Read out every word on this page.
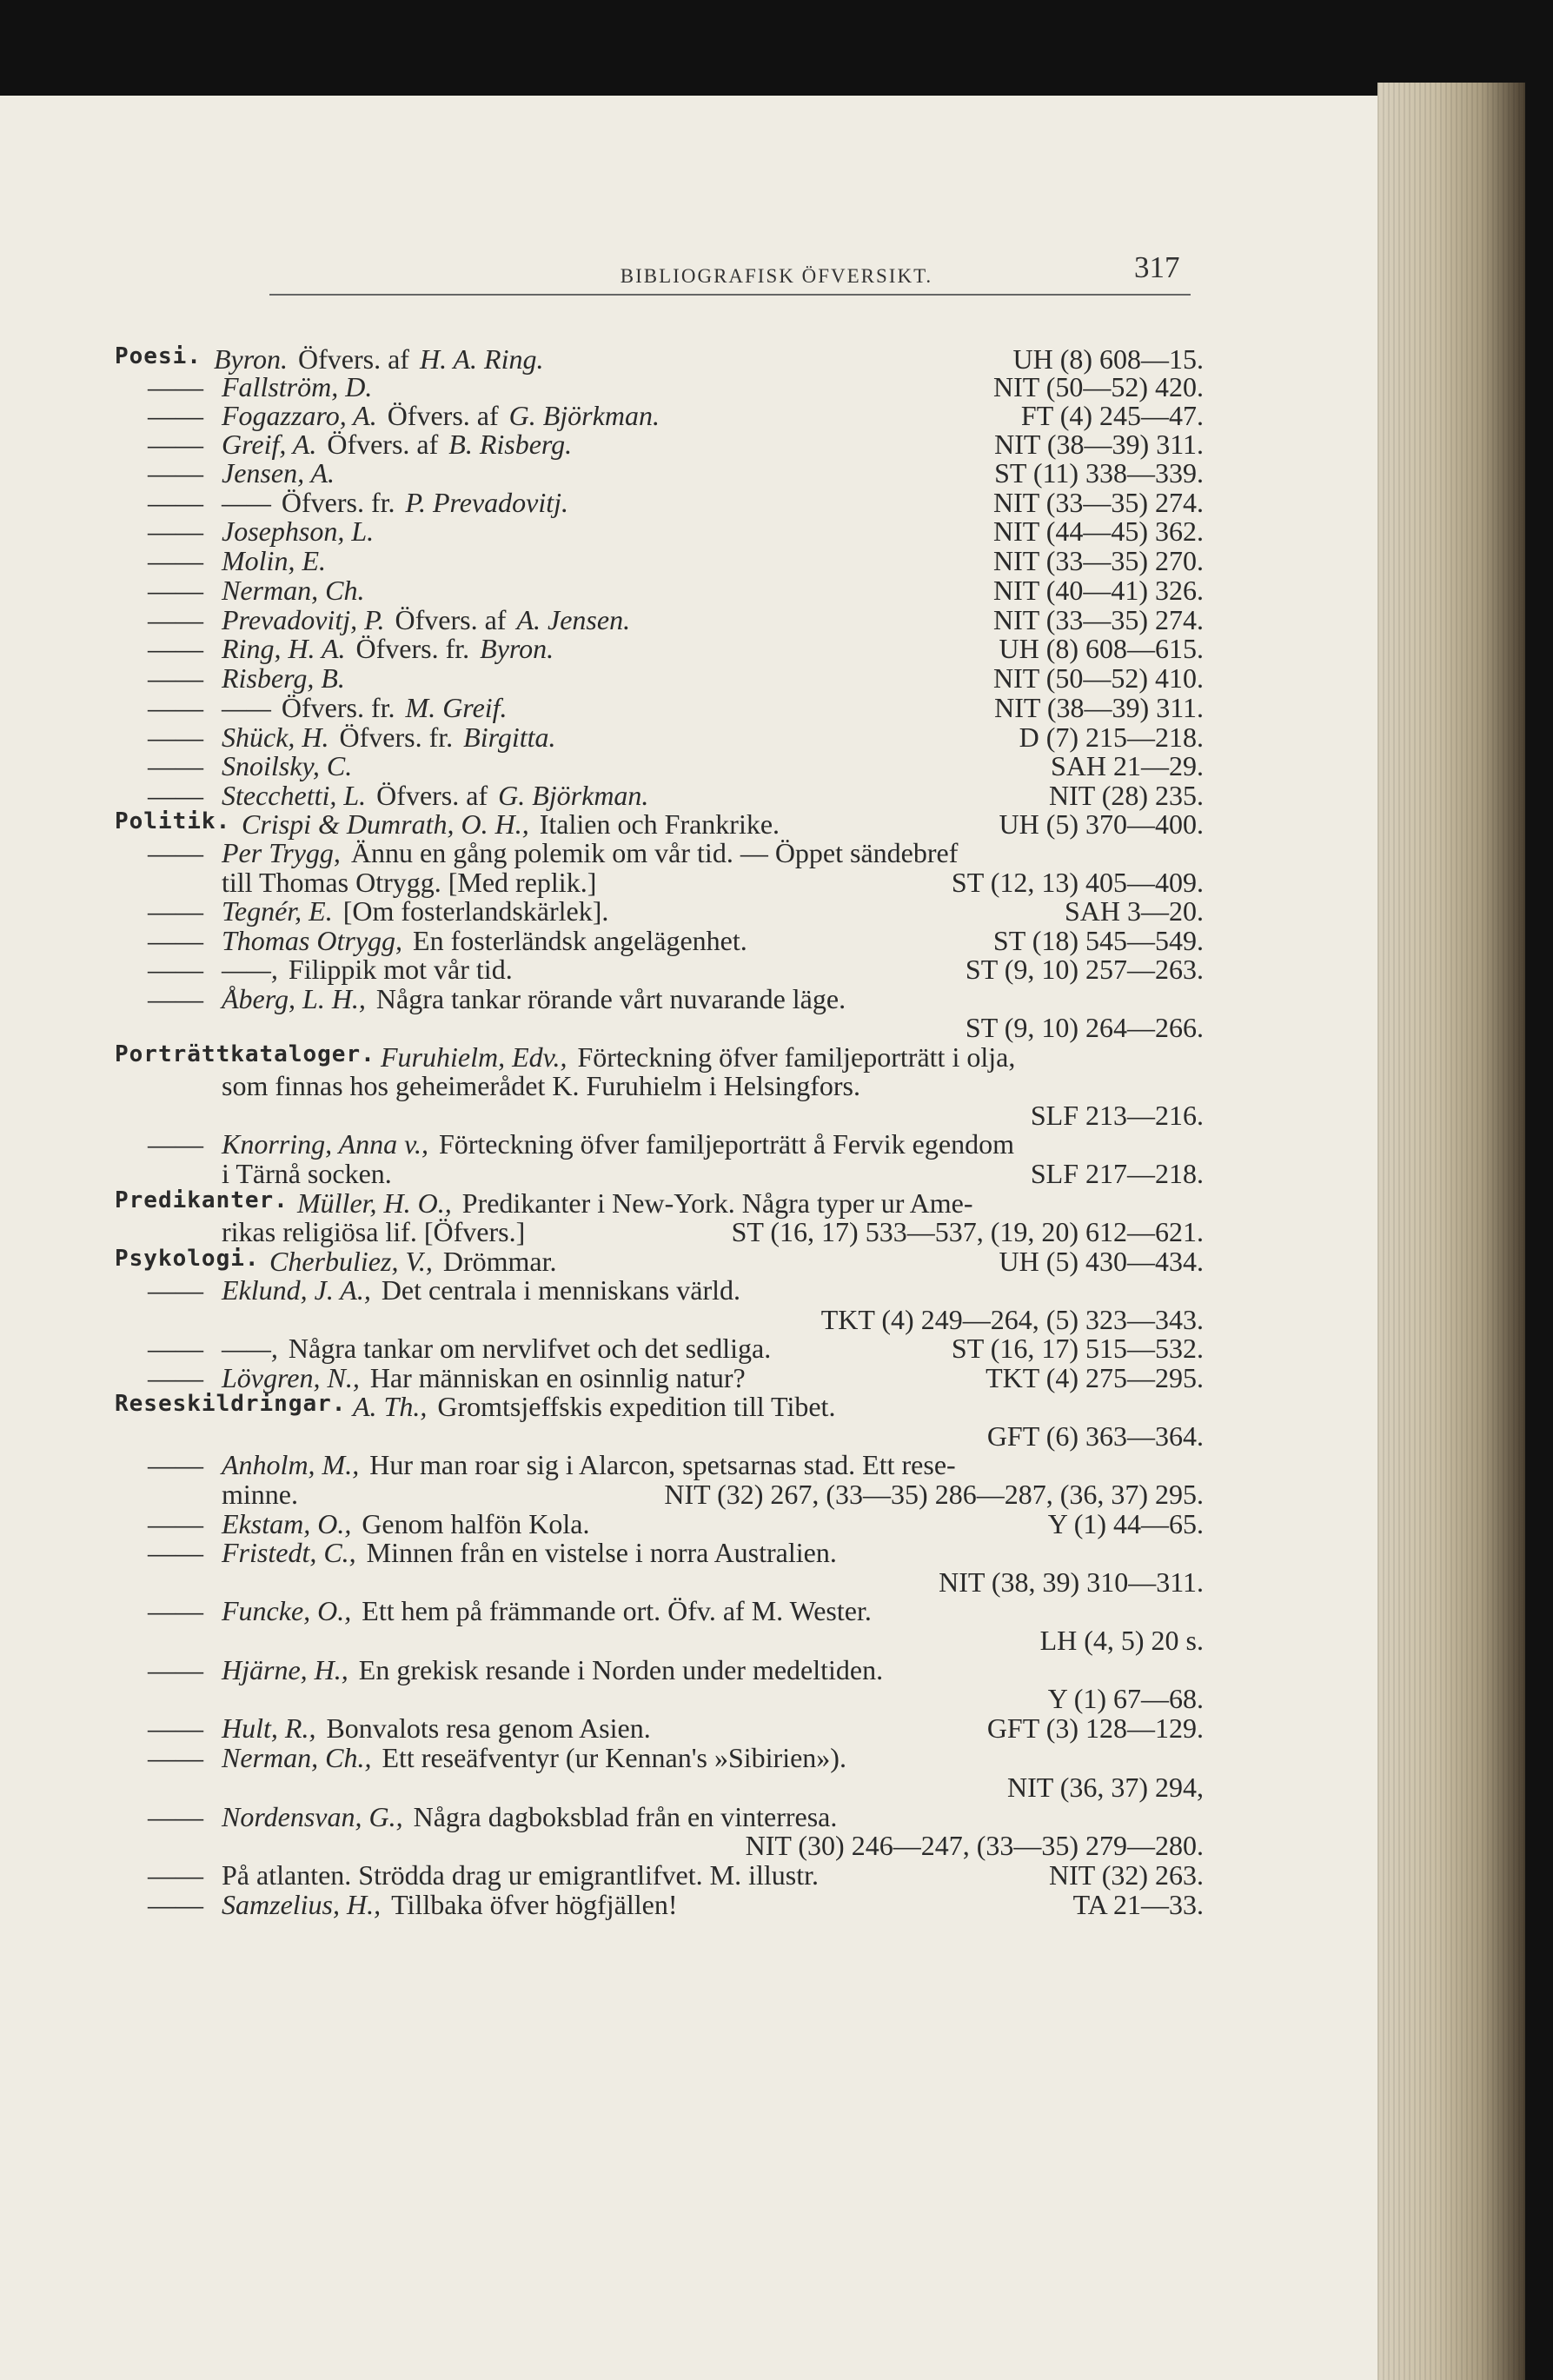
BIBLIOGRAFISK ÖFVERSIKT.	317
Poesi. Byron. Öfvers. af H. A. Ring.	UH (8) 608—15.
—— Fallström, D.	NIT (50—52) 420.
—— Fogazzaro, A. Öfvers. af G. Björkman.	FT (4) 245—47.
—— Greif, A. Öfvers. af B. Risberg.	NIT (38—39) 311.
—— Jensen, A.	ST (11) 338—339.
—— —— Öfvers. fr. P. Prevadovitj.	NIT (33—35) 274.
—— Josephson, L.	NIT (44—45) 362.
—— Molin, E.	NIT (33—35) 270.
—— Nerman, Ch.	NIT (40—41) 326.
—— Prevadovitj, P. Öfvers. af A. Jensen.	NIT (33—35) 274.
—— Ring, H. A. Öfvers. fr. Byron.	UH (8) 608—615.
—— Risberg, B.	NIT (50—52) 410.
—— —— Öfvers. fr. M. Greif.	NIT (38—39) 311.
—— Shück, H. Öfvers. fr. Birgitta.	D (7) 215—218.
—— Snoilsky, C.	SAH 21—29.
—— Stecchetti, L. Öfvers. af G. Björkman.	NIT (28) 235.
Politik. Crispi & Dumrath, O. H., Italien och Frankrike.	UH (5) 370—400.
—— Per Trygg, Ännu en gång polemik om vår tid. — Öppet sändebref
till Thomas Otrygg. [Med replik.]	ST (12, 13) 405—409.
—— Tegnér, E. [Om fosterlandskärlek].	SAH 3—20.
—— Thomas Otrygg, En fosterländsk angelägenhet.	ST (18) 545—549.
—— ——, Filippik mot vår tid.	ST (9, 10) 257—263.
—— Åberg, L. H., Några tankar rörande vårt nuvarande läge.
ST (9, 10) 264—266.
Porträttkataloger. Furuhielm, Edv., Förteckning öfver familjeporträtt i olja,
som finnas hos geheimerådet K. Furuhielm i Helsingfors.
SLF 213—216.
—— Knorring, Anna v., Förteckning öfver familjeporträtt å Fervik egendom
i Tärnå socken.	SLF 217—218.
Predikanter. Müller, H. O., Predikanter i New-York. Några typer ur Ame-
rikas religiösa lif. [Öfvers.]	ST (16, 17) 533—537, (19, 20) 612—621.
Psykologi. Cherbuliez, V., Drömmar.	UH (5) 430—434.
—— Eklund, J. A., Det centrala i menniskans värld.
TKT (4) 249—264, (5) 323—343.
—— ——, Några tankar om nervlifvet och det sedliga.	ST (16, 17) 515—532.
—— Lövgren, N., Har människan en osinnlig natur?	TKT (4) 275—295.
Reseskildringar. A. Th., Gromtsjeffskis expedition till Tibet.
GFT (6) 363—364.
—— Anholm, M., Hur man roar sig i Alarcon, spetsarnas stad. Ett rese-
minne.	NIT (32) 267, (33—35) 286—287, (36, 37) 295.
—— Ekstam, O., Genom halfön Kola.	Y (1) 44—65.
—— Fristedt, C., Minnen från en vistelse i norra Australien.
NIT (38, 39) 310—311.
—— Funcke, O., Ett hem på främmande ort. Öfv. af M. Wester.
LH (4, 5) 20 s.
—— Hjärne, H., En grekisk resande i Norden under medeltiden.
Y (1) 67—68.
—— Hult, R., Bonvalots resa genom Asien.	GFT (3) 128—129.
—— Nerman, Ch., Ett reseäfventyr (ur Kennan's »Sibirien»).
NIT (36, 37) 294,
—— Nordensvan, G., Några dagboksblad från en vinterresa.
NIT (30) 246—247, (33—35) 279—280.
—— På atlanten. Strödda drag ur emigrantlifvet. M. illustr.	NIT (32) 263.
—— Samzelius, H., Tillbaka öfver högfjällen!	TA 21—33.
